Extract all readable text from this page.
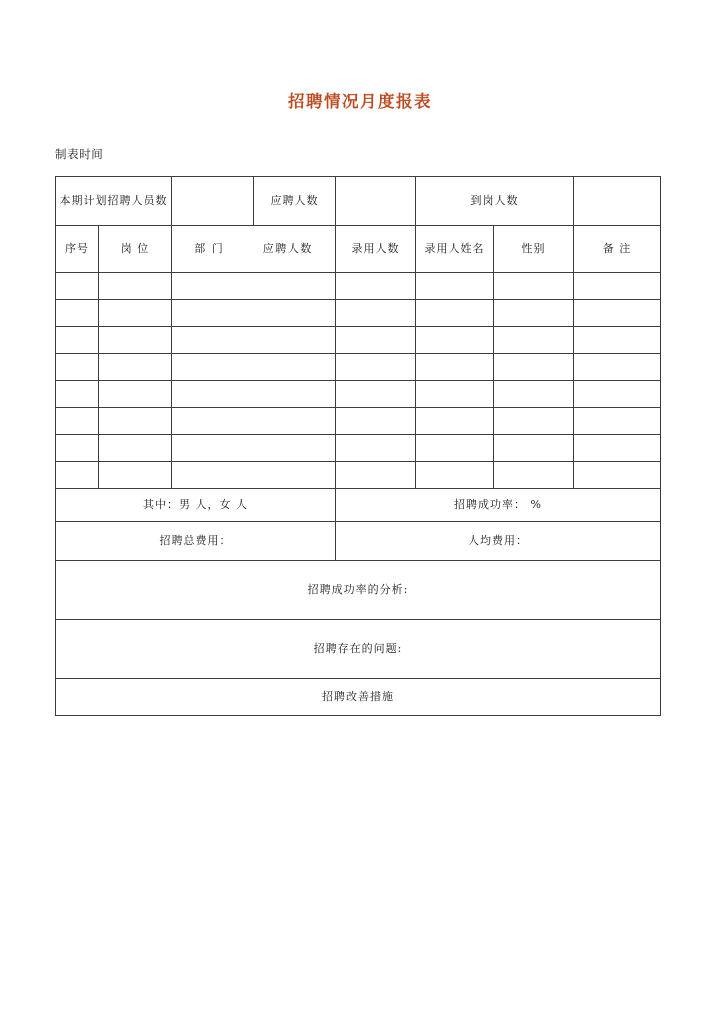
招聘情况月度报表
制表时间
本期计划招聘人员数			应聘人数		到岗人数		
序号	岗 位	部 门 应聘人数		录用人数	录用人姓名	性别	备 注

其中：男 人，女 人				招聘成功率： %			
招聘总费用：				人均费用：			
招聘成功率的分析:							
招聘存在的问题:							
招聘改善措施							
